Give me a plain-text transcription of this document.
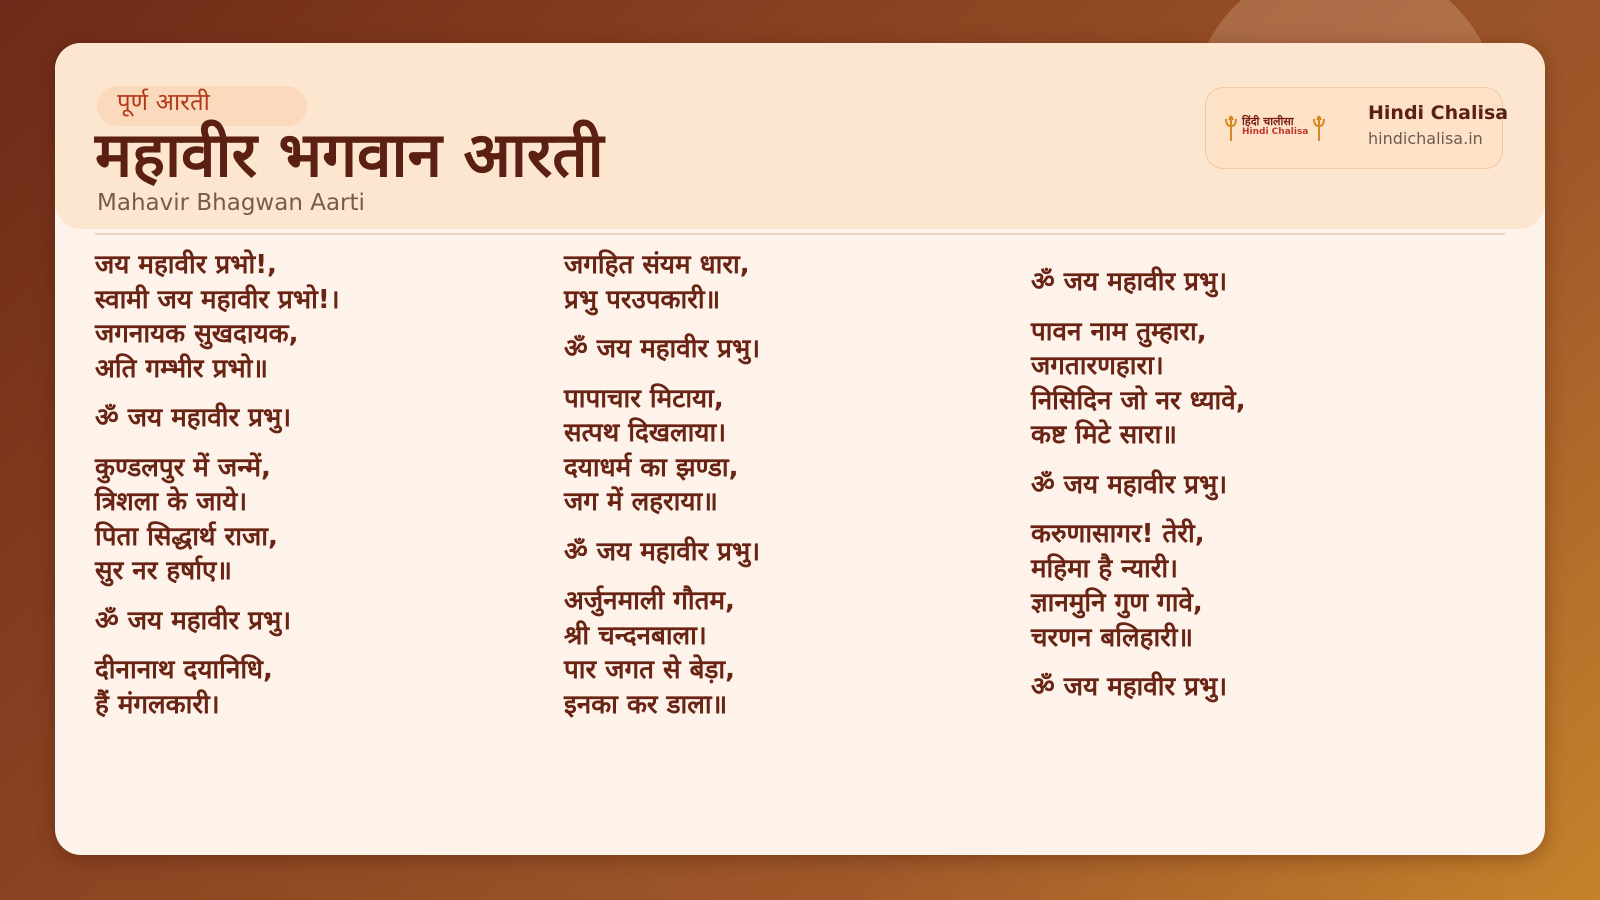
पूर्ण आरती
महावीर भगवान आरती
Mahavir Bhagwan Aarti
हिंदी चालीसा
Hindi Chalisa
Hindi Chalisa
hindichalisa.in
जय महावीर प्रभो!,
स्वामी जय महावीर प्रभो!।
जगनायक सुखदायक,
अति गम्भीर प्रभो॥
ॐ जय महावीर प्रभु।
कुण्डलपुर में जन्में,
त्रिशला के जाये।
पिता सिद्धार्थ राजा,
सुर नर हर्षाए॥
ॐ जय महावीर प्रभु।
दीनानाथ दयानिधि,
हैं मंगलकारी।
जगहित संयम धारा,
प्रभु परउपकारी॥
ॐ जय महावीर प्रभु।
पापाचार मिटाया,
सत्पथ दिखलाया।
दयाधर्म का झण्डा,
जग में लहराया॥
ॐ जय महावीर प्रभु।
अर्जुनमाली गौतम,
श्री चन्दनबाला।
पार जगत से बेड़ा,
इनका कर डाला॥
ॐ जय महावीर प्रभु।
पावन नाम तुम्हारा,
जगतारणहारा।
निसिदिन जो नर ध्यावे,
कष्ट मिटे सारा॥
ॐ जय महावीर प्रभु।
करुणासागर! तेरी,
महिमा है न्यारी।
ज्ञानमुनि गुण गावे,
चरणन बलिहारी॥
ॐ जय महावीर प्रभु।
